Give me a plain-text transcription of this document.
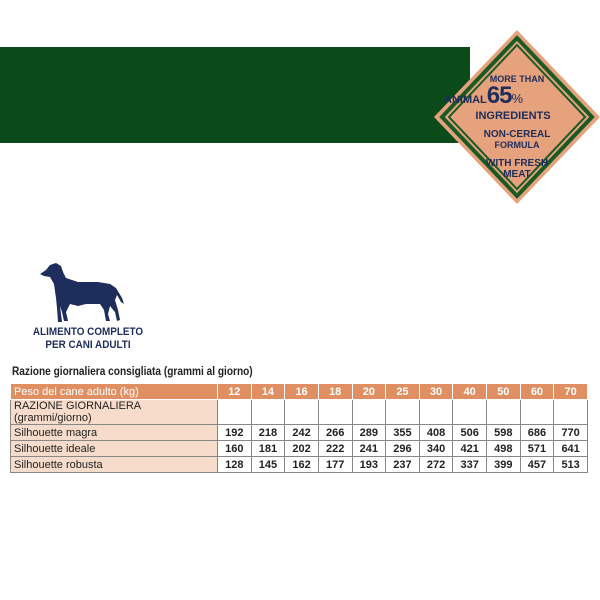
MORE THAN
ANIMAL65%
INGREDIENTS
NON-CEREAL
FORMULA
WITH FRESH
MEAT
ALIMENTO COMPLETO
PER CANI ADULTI
Razione giornaliera consigliata (grammi al giorno)
Peso del cane adulto (kg)	12	14	16	18	20	25	30	40	50	60	70
RAZIONE GIORNALIERA (grammi/giorno)											
Silhouette magra	192	218	242	266	289	355	408	506	598	686	770
Silhouette ideale	160	181	202	222	241	296	340	421	498	571	641
Silhouette robusta	128	145	162	177	193	237	272	337	399	457	513
